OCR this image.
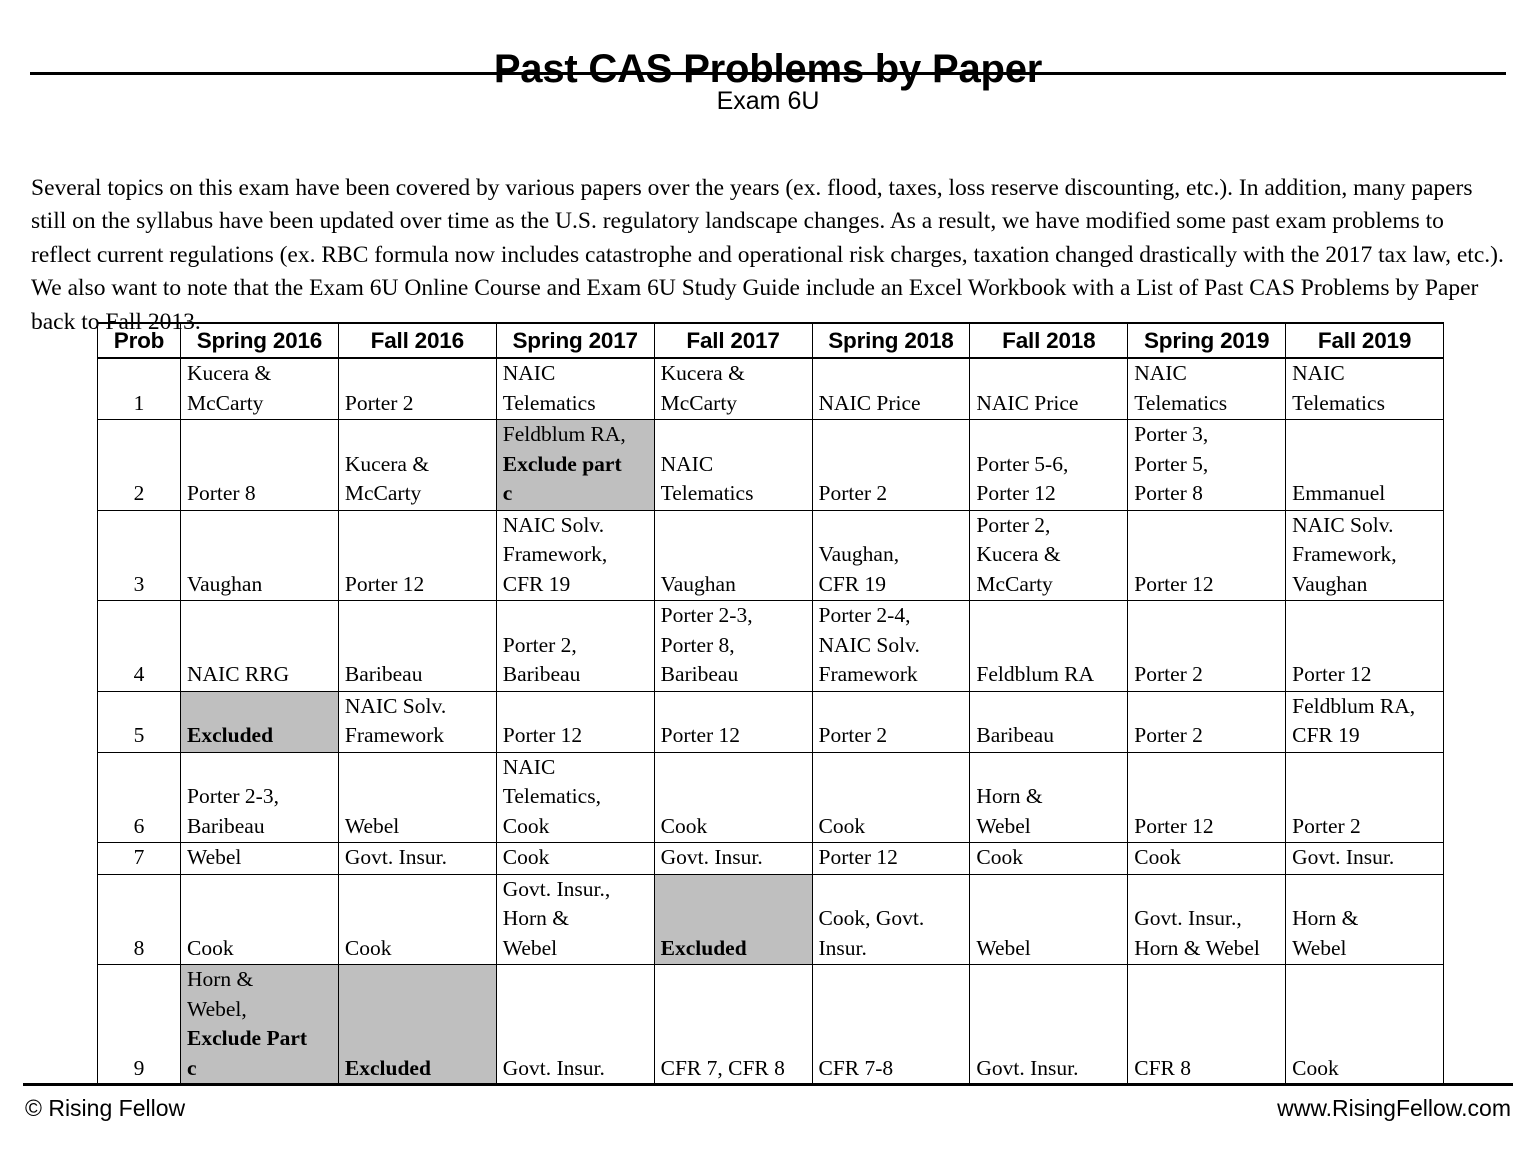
Past CAS Problems by Paper
Exam 6U

Several topics on this exam have been covered by various papers over the years (ex. flood, taxes, loss reserve discounting, etc.). In addition, many papers still on the syllabus have been updated over time as the U.S. regulatory landscape changes. As a result, we have modified some past exam problems to reflect current regulations (ex. RBC formula now includes catastrophe and operational risk charges, taxation changed drastically with the 2017 tax law, etc.). We also want to note that the Exam 6U Online Course and Exam 6U Study Guide include an Excel Workbook with a List of Past CAS Problems by Paper back to Fall 2013.

Prob	Spring 2016	Fall 2016	Spring 2017	Fall 2017	Spring 2018	Fall 2018	Spring 2019	Fall 2019
1	Kucera &
McCarty	Porter 2	NAIC
Telematics	Kucera &
McCarty	NAIC Price	NAIC Price	NAIC
Telematics	NAIC
Telematics

2	Porter 8	Kucera &
McCarty	Feldblum RA,
Exclude part
c	NAIC
Telematics	Porter 2	Porter 5-6,
Porter 12	Porter 3,
Porter 5,
Porter 8	Emmanuel

3	Vaughan	Porter 12	NAIC Solv.
Framework,
CFR 19	Vaughan	Vaughan,
CFR 19	Porter 2,
Kucera &
McCarty	Porter 12	NAIC Solv.
Framework,
Vaughan

4	NAIC RRG	Baribeau	Porter 2,
Baribeau	Porter 2-3,
Porter 8,
Baribeau	Porter 2-4,
NAIC Solv.
Framework	Feldblum RA	Porter 2	Porter 12

5	Excluded	NAIC Solv.
Framework	Porter 12	Porter 12	Porter 2	Baribeau	Porter 2	Feldblum RA,
CFR 19

6	Porter 2-3,
Baribeau	Webel	NAIC
Telematics,
Cook	Cook	Cook	Horn &
Webel	Porter 12	Porter 2

7	Webel	Govt. Insur.	Cook	Govt. Insur.	Porter 12	Cook	Cook	Govt. Insur.

8	Cook	Cook	Govt. Insur.,
Horn &
Webel	Excluded	Cook, Govt.
Insur.	Webel	Govt. Insur.,
Horn & Webel	Horn &
Webel

9	Horn &
Webel,
Exclude Part
c	Excluded	Govt. Insur.	CFR 7, CFR 8	CFR 7-8	Govt. Insur.	CFR 8	Cook
© Rising Fellow	www.RisingFellow.com
